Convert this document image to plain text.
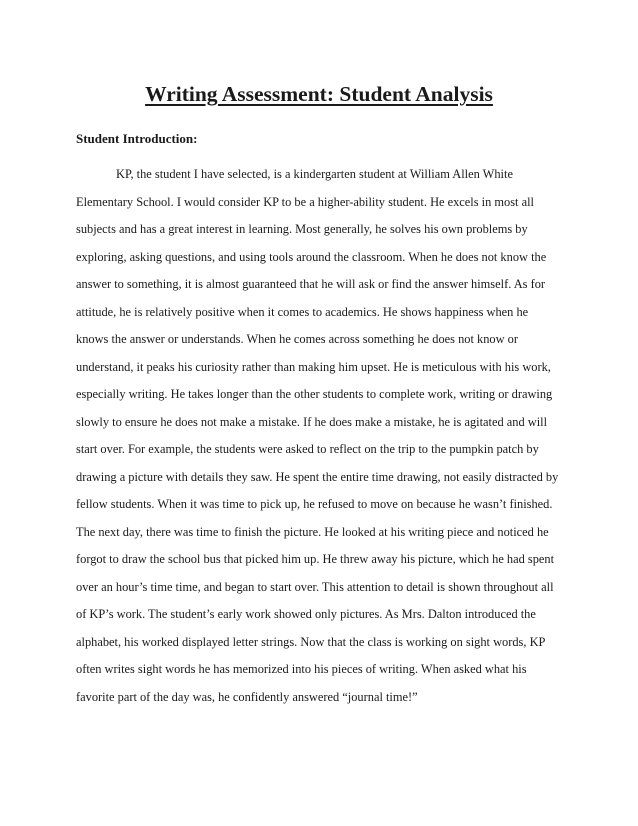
Writing Assessment: Student Analysis
Student Introduction:
KP, the student I have selected, is a kindergarten student at William Allen White
Elementary School. I would consider KP to be a higher-ability student. He excels in most all
subjects and has a great interest in learning. Most generally, he solves his own problems by
exploring, asking questions, and using tools around the classroom. When he does not know the
answer to something, it is almost guaranteed that he will ask or find the answer himself. As for
attitude, he is relatively positive when it comes to academics. He shows happiness when he
knows the answer or understands. When he comes across something he does not know or
understand, it peaks his curiosity rather than making him upset. He is meticulous with his work,
especially writing. He takes longer than the other students to complete work, writing or drawing
slowly to ensure he does not make a mistake. If he does make a mistake, he is agitated and will
start over. For example, the students were asked to reflect on the trip to the pumpkin patch by
drawing a picture with details they saw. He spent the entire time drawing, not easily distracted by
fellow students. When it was time to pick up, he refused to move on because he wasn’t finished.
The next day, there was time to finish the picture. He looked at his writing piece and noticed he
forgot to draw the school bus that picked him up. He threw away his picture, which he had spent
over an hour’s time time, and began to start over. This attention to detail is shown throughout all
of KP’s work. The student’s early work showed only pictures. As Mrs. Dalton introduced the
alphabet, his worked displayed letter strings. Now that the class is working on sight words, KP
often writes sight words he has memorized into his pieces of writing. When asked what his
favorite part of the day was, he confidently answered “journal time!”
